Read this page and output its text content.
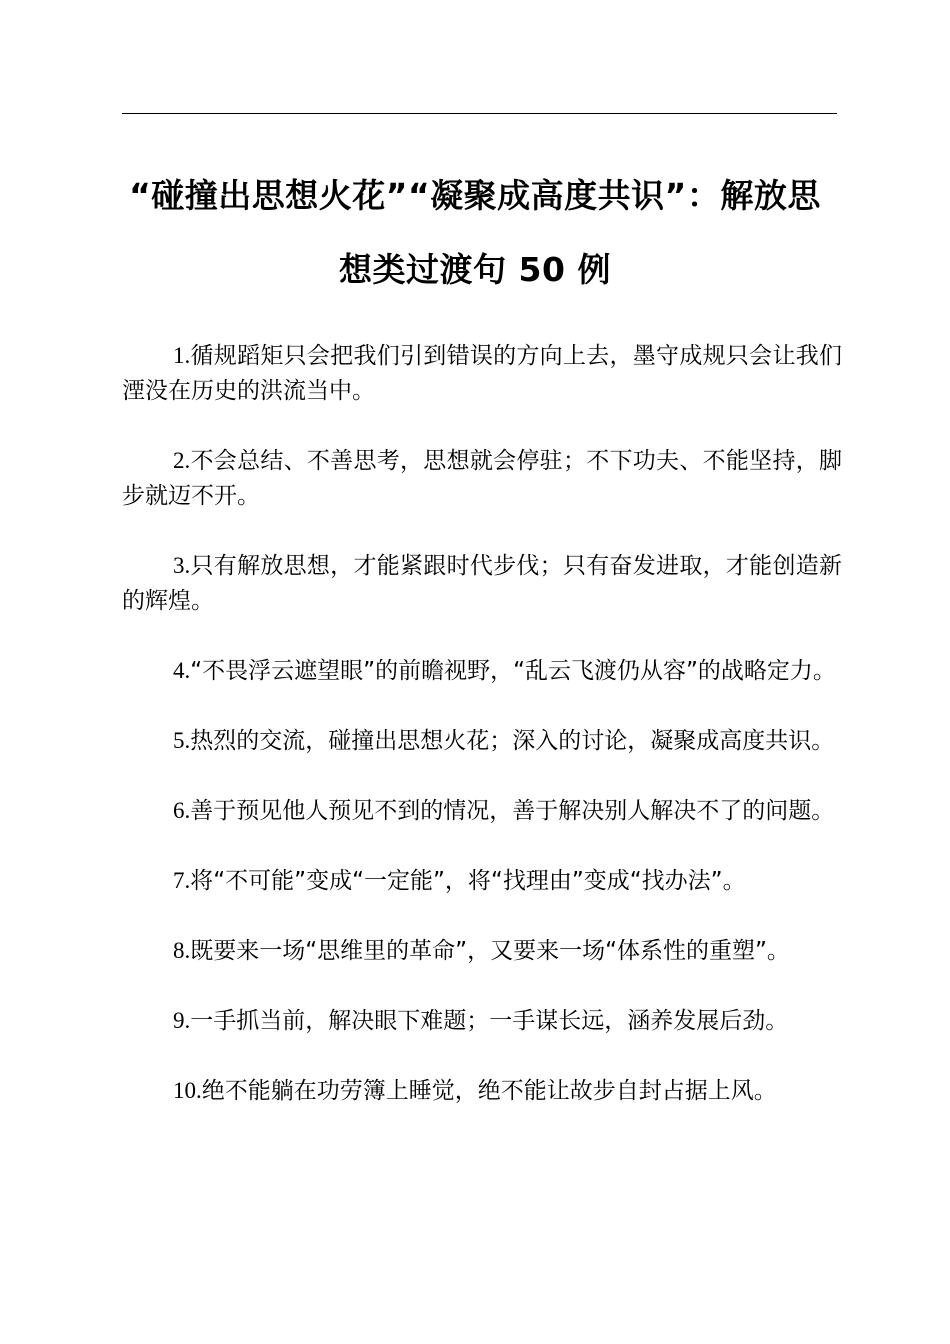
“碰撞出思想火花”“凝聚成高度共识”：解放思
想类过渡句 50 例

1.循规蹈矩只会把我们引到错误的方向上去，墨守成规只会让我们湮没在历史的洪流当中。

2.不会总结、不善思考，思想就会停驻；不下功夫、不能坚持，脚步就迈不开。

3.只有解放思想，才能紧跟时代步伐；只有奋发进取，才能创造新的辉煌。

4.“不畏浮云遮望眼”的前瞻视野，“乱云飞渡仍从容”的战略定力。

5.热烈的交流，碰撞出思想火花；深入的讨论，凝聚成高度共识。

6.善于预见他人预见不到的情况，善于解决别人解决不了的问题。

7.将“不可能”变成“一定能”，将“找理由”变成“找办法”。

8.既要来一场“思维里的革命”，又要来一场“体系性的重塑”。

9.一手抓当前，解决眼下难题；一手谋长远，涵养发展后劲。

10.绝不能躺在功劳簿上睡觉，绝不能让故步自封占据上风。
